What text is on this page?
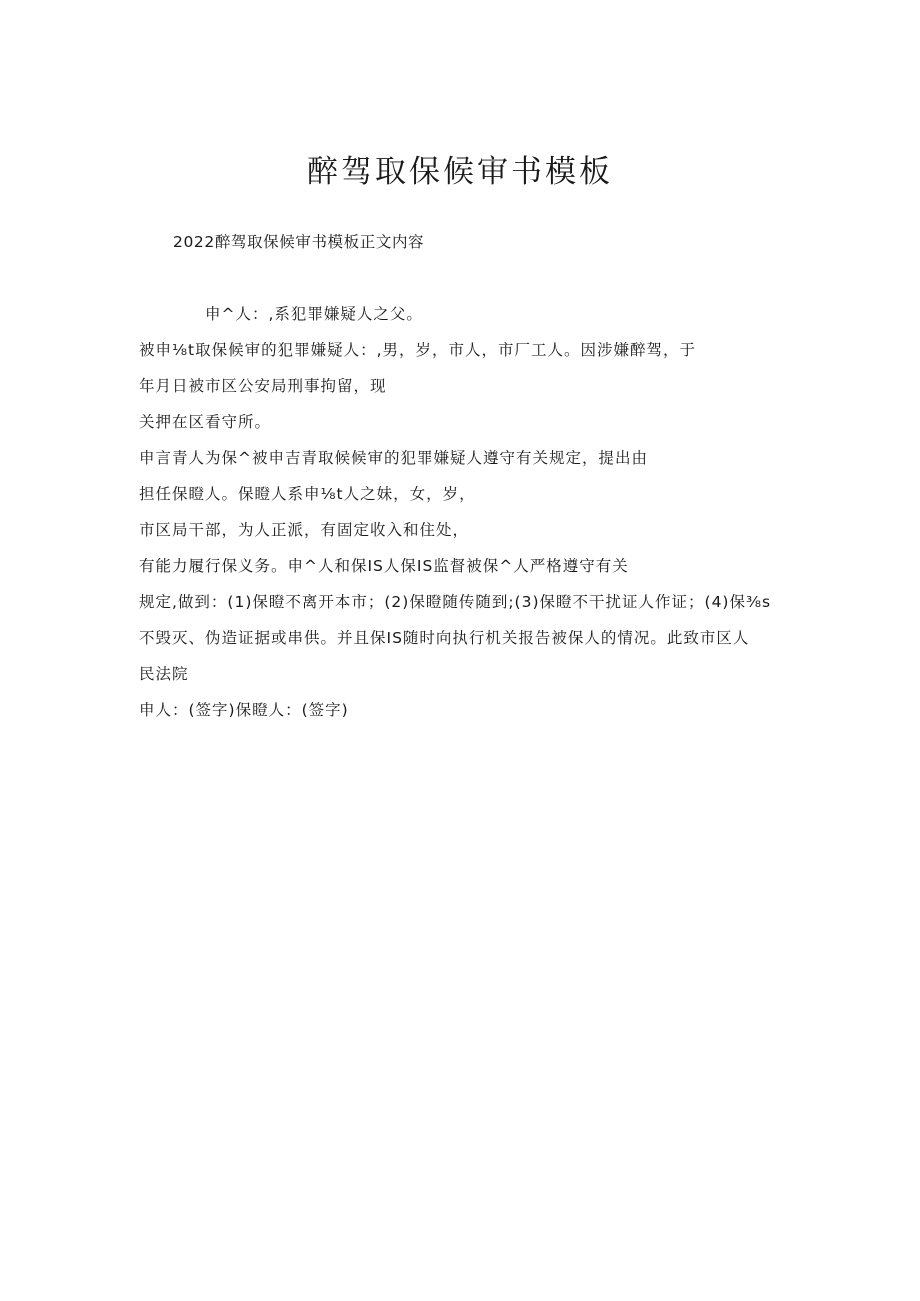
醉驾取保候审书模板
2022醉驾取保候审书模板正文内容
申^人：,系犯罪嫌疑人之父。
被申⅛t取保候审的犯罪嫌疑人：,男，岁，市人，市厂工人。因涉嫌醉驾，于
年月日被市区公安局刑事拘留，现
关押在区看守所。
申言青人为保^被申吉青取候候审的犯罪嫌疑人遵守有关规定，提出由
担任保瞪人。保瞪人系申⅛t人之妹，女，岁，
市区局干部，为人正派，有固定收入和住处，
有能力履行保义务。申^人和保IS人保IS监督被保^人严格遵守有关
规定,做到：(1)保瞪不离开本市；(2)保瞪随传随到;(3)保瞪不干扰证人作证；(4)保⅜s
不毁灭、伪造证据或串供。并且保IS随时向执行机关报告被保人的情况。此致市区人
民法院
申人：(签字)保瞪人：(签字)
